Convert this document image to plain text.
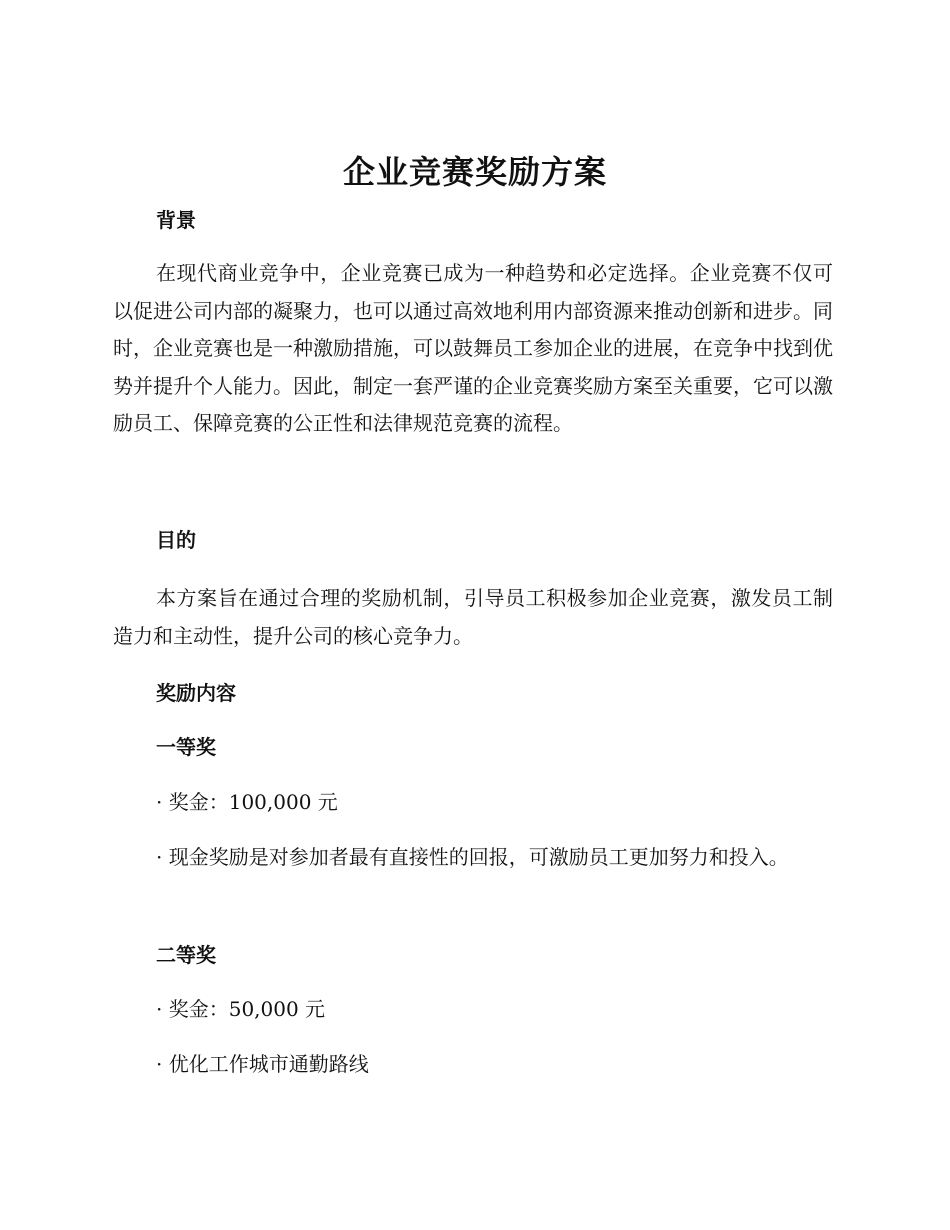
企业竞赛奖励方案
背景
在现代商业竞争中，企业竞赛已成为一种趋势和必定选择。企业竞赛不仅可以促进公司内部的凝聚力，也可以通过高效地利用内部资源来推动创新和进步。同时，企业竞赛也是一种激励措施，可以鼓舞员工参加企业的进展，在竞争中找到优势并提升个人能力。因此，制定一套严谨的企业竞赛奖励方案至关重要，它可以激励员工、保障竞赛的公正性和法律规范竞赛的流程。
目的
本方案旨在通过合理的奖励机制，引导员工积极参加企业竞赛，激发员工制造力和主动性，提升公司的核心竞争力。
奖励内容
一等奖
· 奖金：100,000 元
· 现金奖励是对参加者最有直接性的回报，可激励员工更加努力和投入。
二等奖
· 奖金：50,000 元
· 优化工作城市通勤路线
